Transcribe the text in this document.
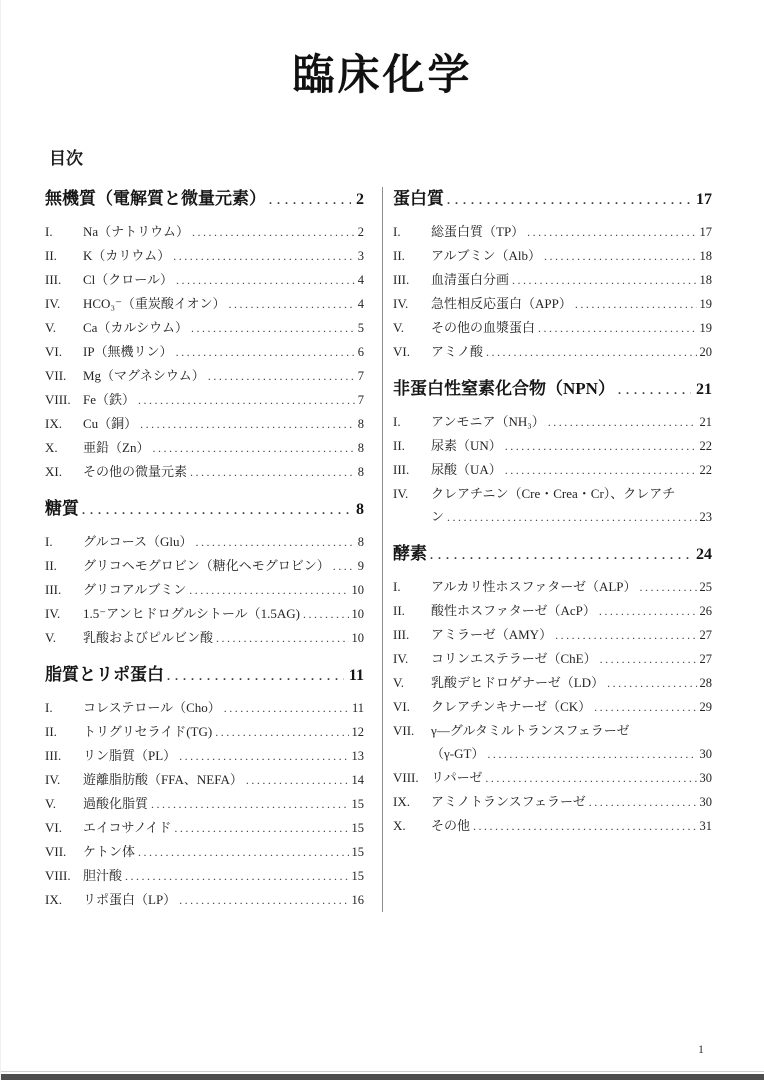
臨床化学
目次
無機質（電解質と微量元素） .....	2
I.	Na（ナトリウム） .....	2
II.	K（カリウム） .....	3
III.	Cl（クロール） .....	4
IV.	HCO₃⁻（重炭酸イオン） .....	4
V.	Ca（カルシウム） .....	5
VI.	IP（無機リン） .....	6
VII.	Mg（マグネシウム） .....	7
VIII. Fe（鉄） .....	7
IX.	Cu（銅） .....	8
X.	亜鉛（Zn） .....	8
XI.	その他の微量元素 .....	8
糖質 .....	8
I.	グルコース（Glu） .....	8
II.	グリコヘモグロビン（糖化ヘモグロビン） ..... 9
III.	グリコアルブミン .....	10
IV.	1.5⁻アンヒドログルシトール（1.5AG) .....	10
V.	乳酸およびピルビン酸 .....	10
脂質とリポ蛋白 .....	11
I.	コレステロール（Cho） .....	11
II.	トリグリセライド(TG) .....	12
III.	リン脂質（PL） .....	13
IV.	遊離脂肪酸（FFA、NEFA） .....	14
V.	過酸化脂質 .....	15
VI.	エイコサノイド .....	15
VII.	ケトン体 .....	15
VIII. 胆汁酸 .....	15
IX.	リポ蛋白（LP） .....	16
蛋白質 .....	17
I.	総蛋白質（TP） .....	17
II.	アルブミン（Alb） .....	18
III.	血清蛋白分画 .....	18
IV.	急性相反応蛋白（APP） .....	19
V.	その他の血漿蛋白 .....	19
VI.	アミノ酸 .....	20
非蛋白性窒素化合物（NPN） .....	21
I.	アンモニア（NH₃） .....	21
II.	尿素（UN） .....	22
III.	尿酸（UA） .....	22
IV.	クレアチニン（Cre・Crea・Cr）、クレアチ
ン .....	23
酵素 .....	24
I.	アルカリ性ホスファターゼ（ALP） .....	25
II.	酸性ホスファターゼ（AcP） .....	26
III.	アミラーゼ（AMY） .....	27
IV.	コリンエステラーゼ（ChE） .....	27
V.	乳酸デヒドロゲナーゼ（LD） .....	28
VI.	クレアチンキナーゼ（CK） .....	29
VII.	γ―グルタミルトランスフェラーゼ
（γ-GT） .....	30
VIII. リパーゼ .....	30
IX.	アミノトランスフェラーゼ .....	30
X.	その他 .....	31
1
